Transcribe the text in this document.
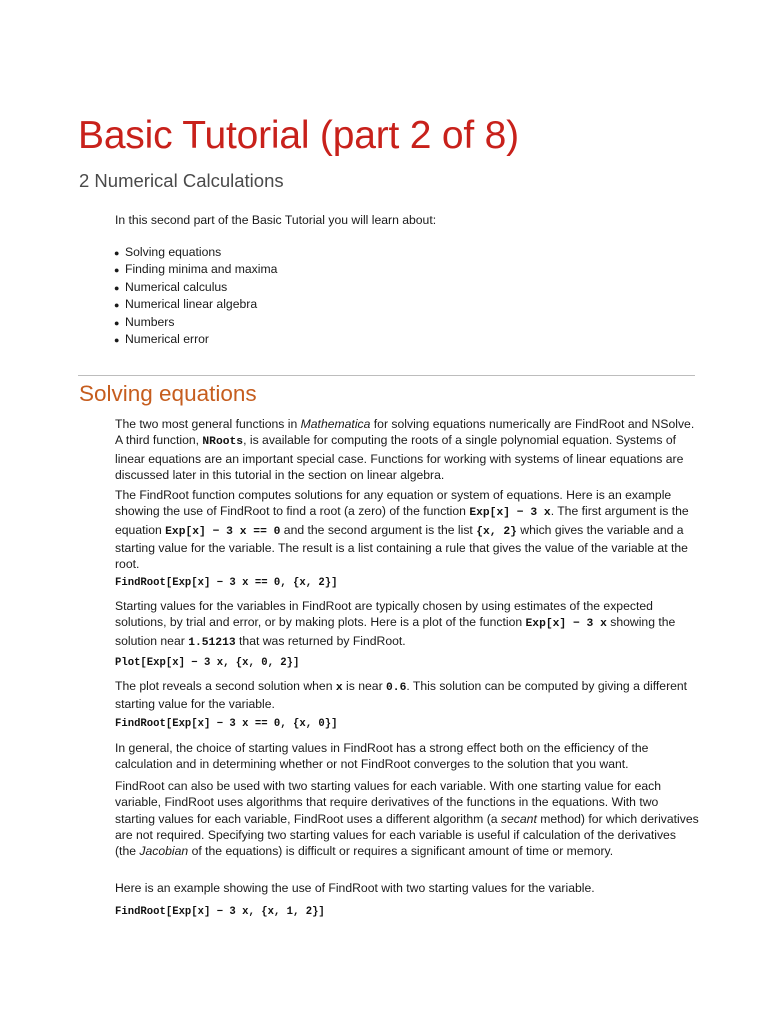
Basic Tutorial (part 2 of 8)
2 Numerical Calculations
In this second part of the Basic Tutorial you will learn about:
● Solving equations
● Finding minima and maxima
● Numerical calculus
● Numerical linear algebra
● Numbers
● Numerical error
Solving equations

The two most general functions in Mathematica for solving equations numerically are FindRoot and NSolve. A third function, NRoots, is available for computing the roots of a single polynomial equation. Systems of linear equations are an important special case. Functions for working with systems of linear equations are discussed later in this tutorial in the section on linear algebra.

The FindRoot function computes solutions for any equation or system of equations. Here is an example showing the use of FindRoot to find a root (a zero) of the function Exp[x] − 3 x. The first argument is the equation Exp[x] − 3 x == 0 and the second argument is the list {x, 2} which gives the variable and a starting value for the variable. The result is a list containing a rule that gives the value of the variable at the root.

FindRoot[Exp[x] − 3 x == 0, {x, 2}]

Starting values for the variables in FindRoot are typically chosen by using estimates of the expected solutions, by trial and error, or by making plots. Here is a plot of the function Exp[x] − 3 x showing the solution near 1.51213 that was returned by FindRoot.

Plot[Exp[x] − 3 x, {x, 0, 2}]

The plot reveals a second solution when x is near 0.6. This solution can be computed by giving a different starting value for the variable.

FindRoot[Exp[x] − 3 x == 0, {x, 0}]

In general, the choice of starting values in FindRoot has a strong effect both on the efficiency of the calculation and in determining whether or not FindRoot converges to the solution that you want.

FindRoot can also be used with two starting values for each variable. With one starting value for each variable, FindRoot uses algorithms that require derivatives of the functions in the equations. With two starting values for each variable, FindRoot uses a different algorithm (a secant method) for which derivatives are not required. Specifying two starting values for each variable is useful if calculation of the derivatives (the Jacobian of the equations) is difficult or requires a significant amount of time or memory.

Here is an example showing the use of FindRoot with two starting values for the variable.

FindRoot[Exp[x] − 3 x, {x, 1, 2}]
